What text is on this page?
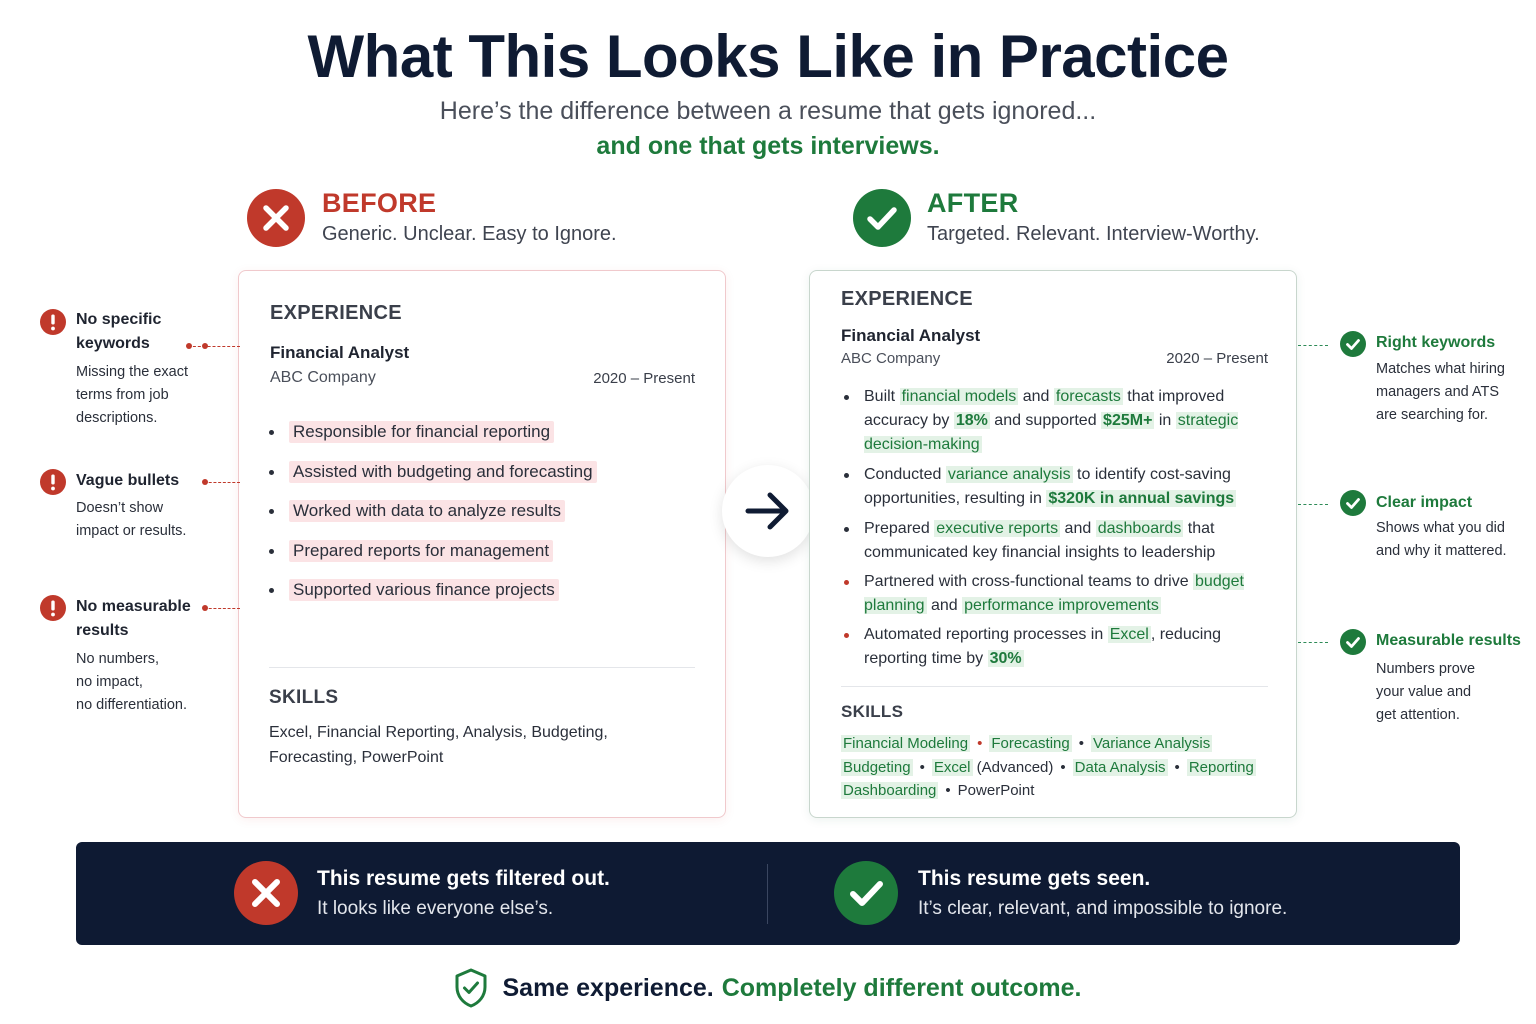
What This Looks Like in Practice
Here’s the difference between a resume that gets ignored...
and one that gets interviews.
BEFORE
Generic. Unclear. Easy to Ignore.
AFTER
Targeted. Relevant. Interview-Worthy.
EXPERIENCE
Financial Analyst
ABC Company	2020 – Present
Responsible for financial reporting
Assisted with budgeting and forecasting
Worked with data to analyze results
Prepared reports for management
Supported various finance projects
SKILLS
Excel, Financial Reporting, Analysis, Budgeting,
Forecasting, PowerPoint
EXPERIENCE
Financial Analyst
ABC Company	2020 – Present
Built financial models and forecasts that improved accuracy by 18% and supported $25M+ in strategic decision-making
Conducted variance analysis to identify cost-saving opportunities, resulting in $320K in annual savings
Prepared executive reports and dashboards that communicated key financial insights to leadership
Partnered with cross-functional teams to drive budget planning and performance improvements
Automated reporting processes in Excel , reducing reporting time by 30%
SKILLS
Financial Modeling • Forecasting • Variance Analysis
Budgeting • Excel (Advanced) • Data Analysis • Reporting
Dashboarding • PowerPoint
No specific
keywords
Missing the exact
terms from job
descriptions.
Vague bullets
Doesn’t show
impact or results.
No measurable
results
No numbers,
no impact,
no differentiation.
Right keywords
Matches what hiring
managers and ATS
are searching for.
Clear impact
Shows what you did
and why it mattered.
Measurable results
Numbers prove
your value and
get attention.
This resume gets filtered out.
It looks like everyone else’s.
This resume gets seen.
It’s clear, relevant, and impossible to ignore.
Same experience. Completely different outcome.
